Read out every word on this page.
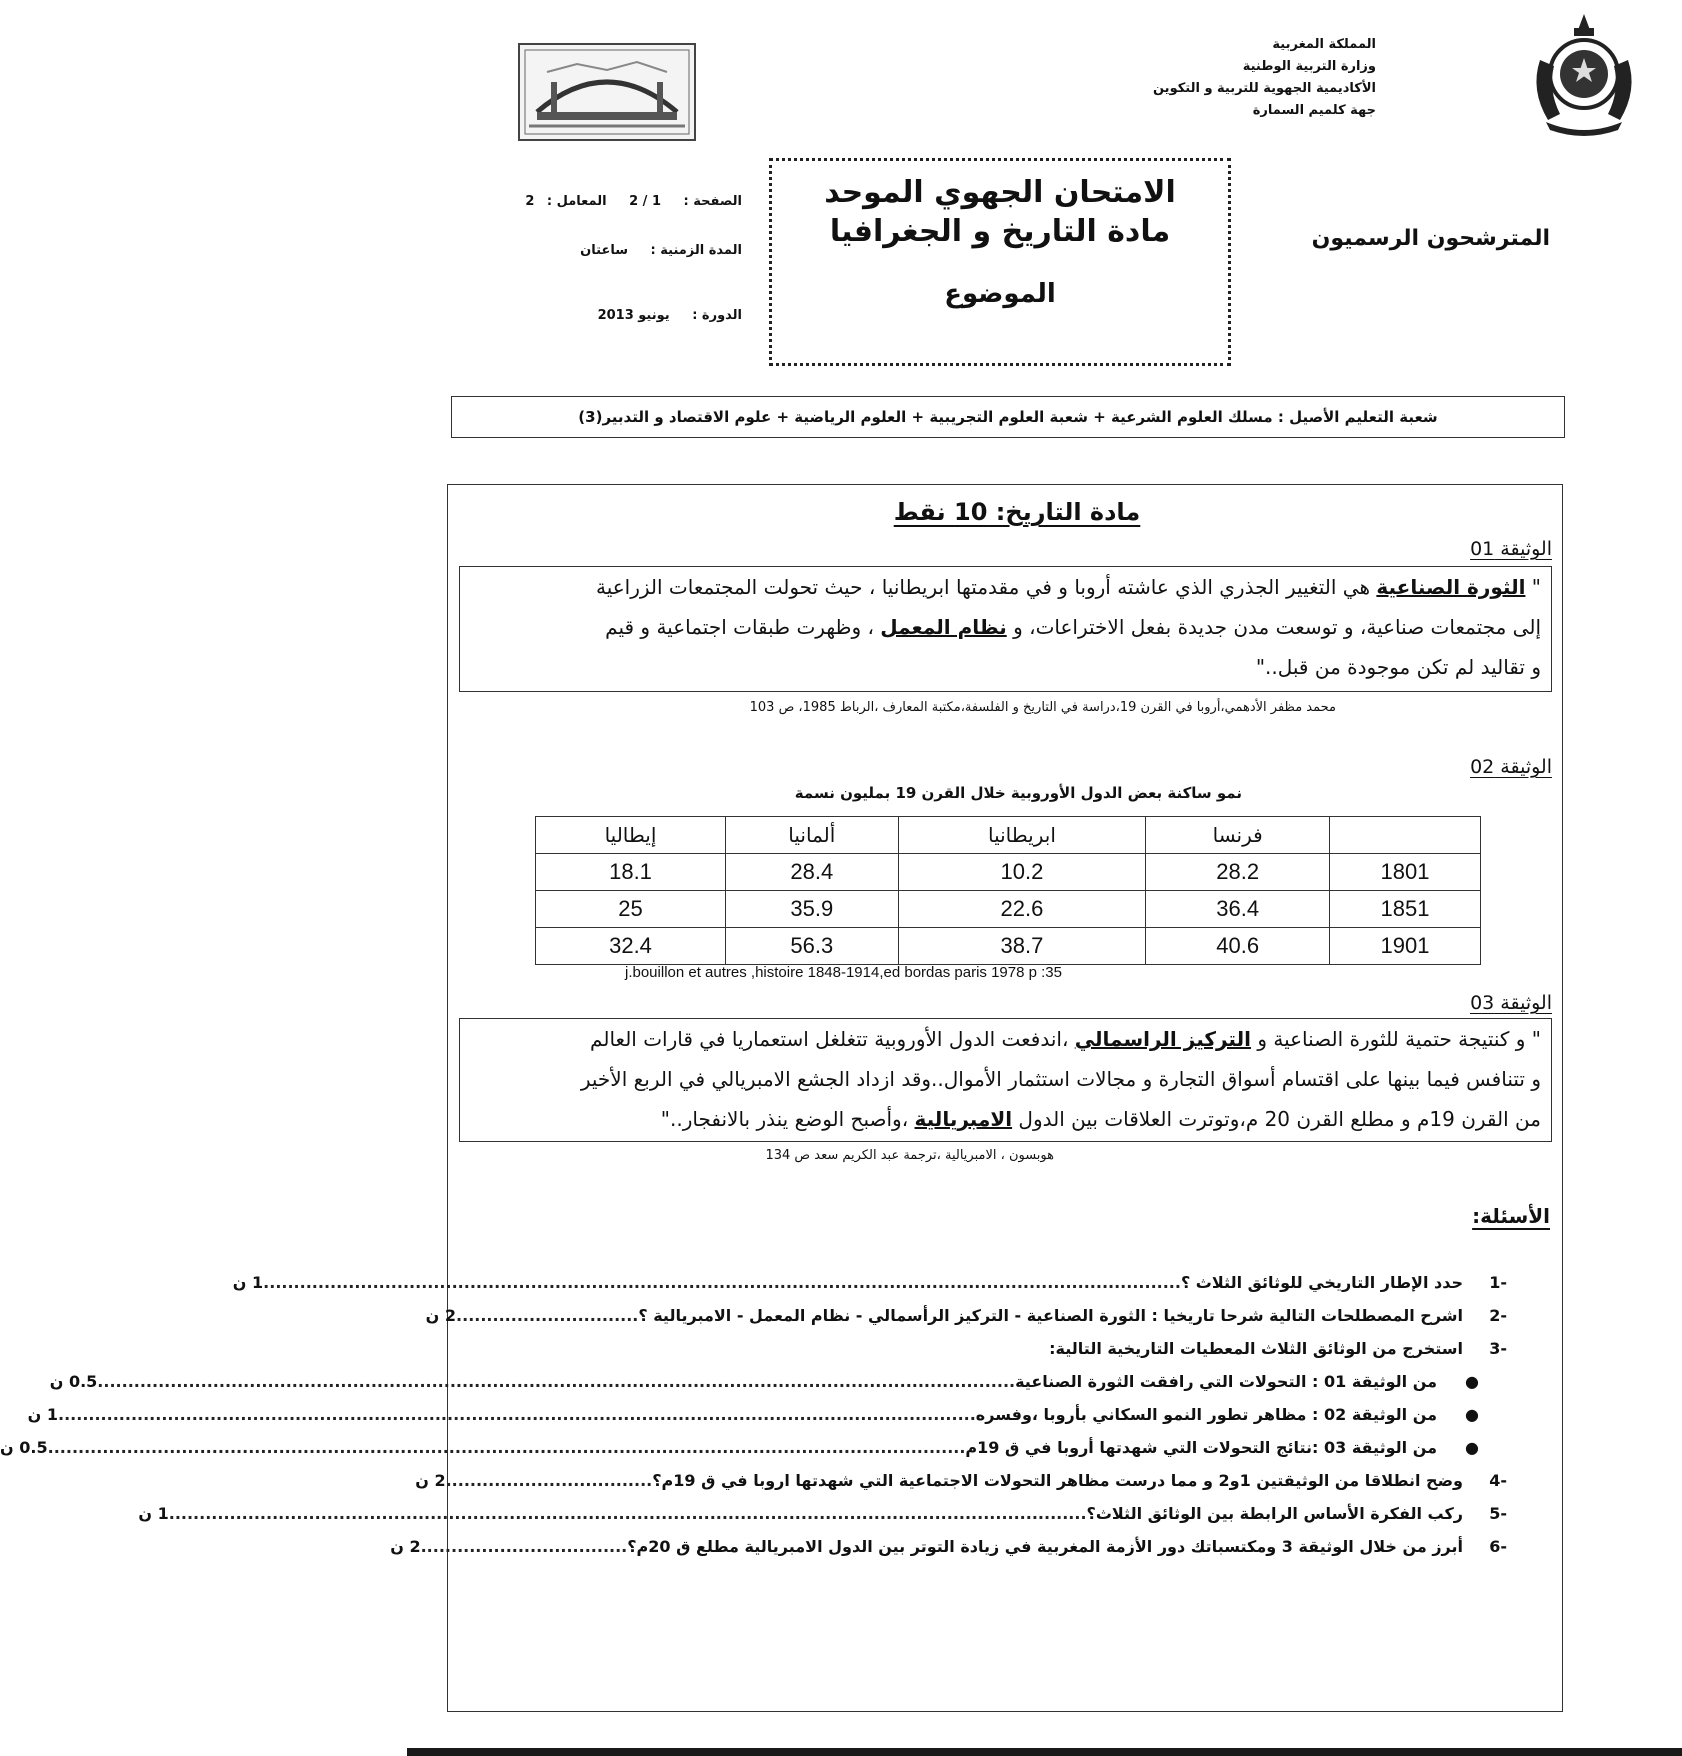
المملكة المغربية
وزارة التربية الوطنية
الأكاديمية الجهوية للتربية و التكوين
جهة كلميم السمارة
المترشحون الرسميون
الامتحان الجهوي الموحد
مادة التاريخ و الجغرافيا
الموضوع
الصفحة : 1 / 2 المعامل : 2
المدة الزمنية : ساعتان
الدورة : يونيو 2013
شعبة التعليم الأصيل : مسلك العلوم الشرعية + شعبة العلوم التجريبية + العلوم الرياضية + علوم الاقتصاد و التدبير(3)
مادة التاريخ: 10 نقط
الوثيقة 01

" الثورة الصناعية هي التغيير الجذري الذي عاشته أروبا و في مقدمتها ابريطانيا ، حيث تحولت المجتمعات الزراعية

إلى مجتمعات صناعية، و توسعت مدن جديدة بفعل الاختراعات، و نظام المعمل ، وظهرت طبقات اجتماعية و قيم

و تقاليد لم تكن موجودة من قبل.."

محمد مظفر الأدهمي،أروبا في القرن 19،دراسة في التاريخ و الفلسفة،مكتبة المعارف ،الرباط 1985، ص 103
الوثيقة 02
نمو ساكنة بعض الدول الأوروبية خلال القرن 19 بمليون نسمة
	فرنسا	ابريطانيا	ألمانيا	إيطاليا
1801	28.2	10.2	28.4	18.1
1851	36.4	22.6	35.9	25
1901	40.6	38.7	56.3	32.4
j.bouillon et autres ,histoire 1848-1914,ed bordas paris 1978 p :35
الوثيقة 03

" و كنتيجة حتمية للثورة الصناعية و التركيز الراسمالي ،اندفعت الدول الأوروبية تتغلغل استعماريا في قارات العالم

و تتنافس فيما بينها على اقتسام أسواق التجارة و مجالات استثمار الأموال..وقد ازداد الجشع الامبريالي في الربع الأخير

من القرن 19م و مطلع القرن 20 م،وتوترت العلاقات بين الدول الامبريالية ،وأصبح الوضع ينذر بالانفجار.."

هوبسون ، الامبريالية ،ترجمة عبد الكريم سعد ص 134
الأسئلة:
-1
حدد الإطار التاريخي للوثائق الثلاث ؟
.......................................................................................................................................................
1 ن
-2
اشرح المصطلحات التالية شرحا تاريخيا : الثورة الصناعية - التركيز الرأسمالي - نظام المعمل - الامبريالية ؟
..............................
2 ن
-3
استخرج من الوثائق الثلاث المعطيات التاريخية التالية:
●
من الوثيقة 01 : التحولات التي رافقت الثورة الصناعية
.......................................................................................................................................................
0.5 ن
●
من الوثيقة 02 : مظاهر تطور النمو السكاني بأروبا ،وفسره
.......................................................................................................................................................
1 ن
●
من الوثيقة 03 :نتائج التحولات التي شهدتها أروبا في ق 19م
.......................................................................................................................................................
0.5 ن
-4
وضح انطلاقا من الوثيقتين 1و2 و مما درست مظاهر التحولات الاجتماعية التي شهدتها اروبا في ق 19م؟
..................................
2 ن
-5
ركب الفكرة الأساس الرابطة بين الوثائق الثلاث؟
.......................................................................................................................................................
1 ن
-6
أبرز من خلال الوثيقة 3 ومكتسباتك دور الأزمة المغربية في زيادة التوتر بين الدول الامبريالية مطلع ق 20م؟
..................................
2 ن
